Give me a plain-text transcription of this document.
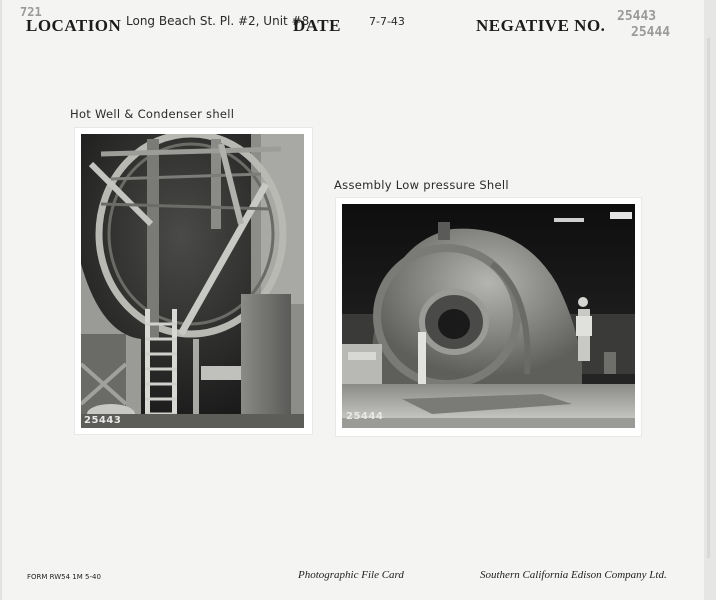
721
LOCATION Long Beach St. Pl. #2, Unit #8
DATE	7-7-43	NEGATIVE NO. 25443
25444
Hot Well & Condenser shell
25443
Assembly Low pressure Shell
25444
FORM RW54 1M 5-40	Photographic File Card	Southern California Edison Company Ltd.
